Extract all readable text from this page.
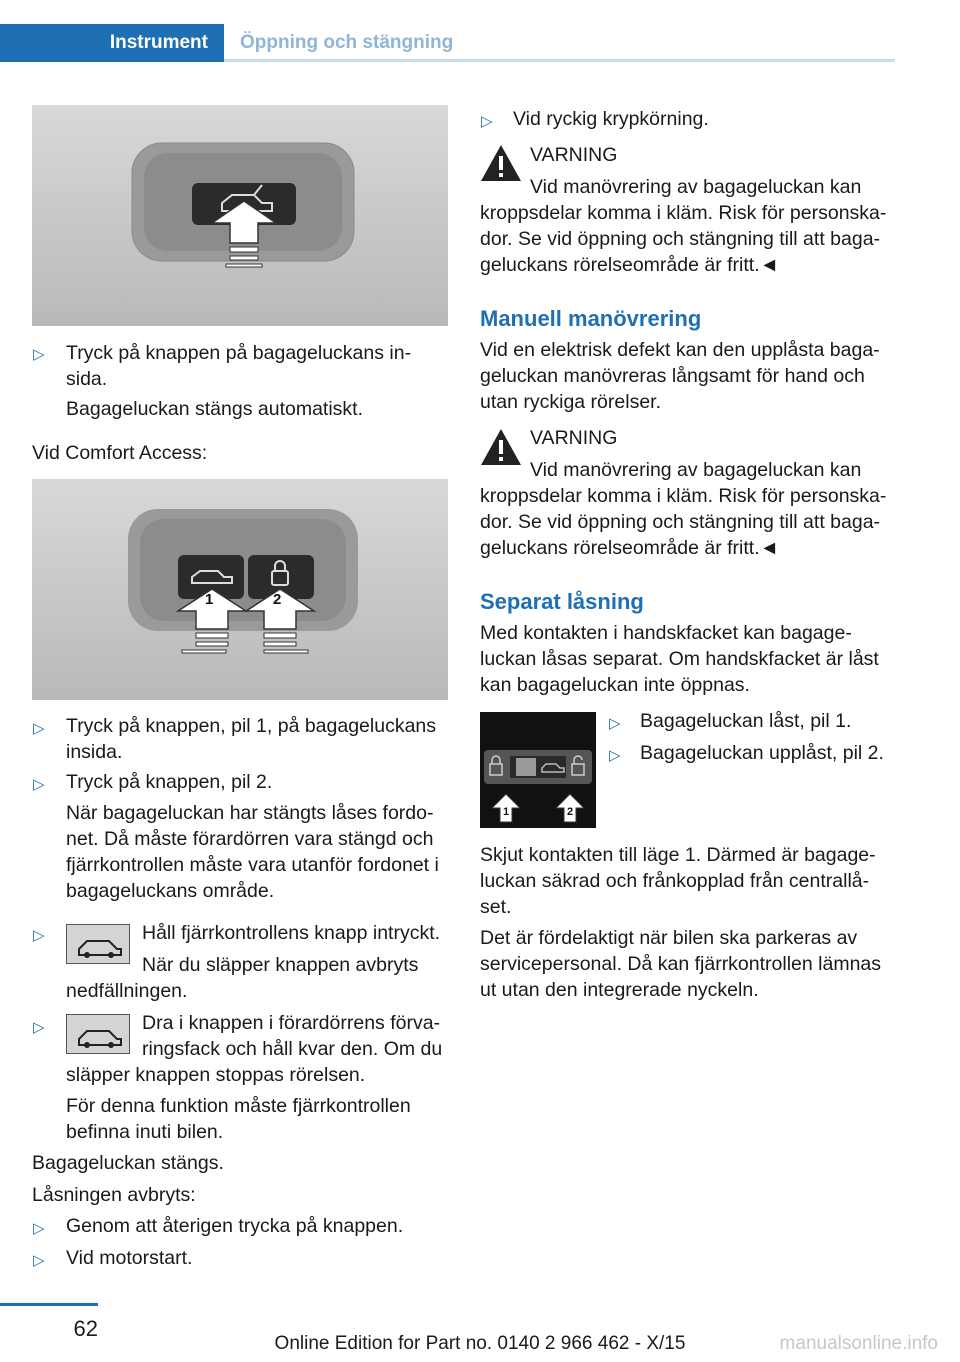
Instrument	Öppning och stängning
▷ Tryck på knappen på bagageluckans in-

sida.

Bagageluckan stängs automatiskt.

Vid Comfort Access:

1	2
▷ Tryck på knappen, pil 1, på bagageluckans

insida.

▷ Tryck på knappen, pil 2.

När bagageluckan har stängts låses fordo-

net. Då måste förardörren vara stängd och

fjärrkontrollen måste vara utanför fordonet i

bagageluckans område.

▷	Håll fjärrkontrollens knapp intryckt.

När du släpper knappen avbryts

nedfällningen.

▷	Dra i knappen i förardörrens förva-

ringsfack och håll kvar den. Om du

släpper knappen stoppas rörelsen.

För denna funktion måste fjärrkontrollen

befinna inuti bilen.

Bagageluckan stängs.

Låsningen avbryts:

▷ Genom att återigen trycka på knappen.

▷ Vid motorstart.

▷ Vid ryckig krypkörning.

VARNING

Vid manövrering av bagageluckan kan

kroppsdelar komma i kläm. Risk för personska-

dor. Se vid öppning och stängning till att baga-

geluckans rörelseområde är fritt.◄

Manuell manövrering

Vid en elektrisk defekt kan den upplåsta baga-

geluckan manövreras långsamt för hand och

utan ryckiga rörelser.

VARNING

Vid manövrering av bagageluckan kan

kroppsdelar komma i kläm. Risk för personska-

dor. Se vid öppning och stängning till att baga-

geluckans rörelseområde är fritt.◄

Separat låsning

Med kontakten i handskfacket kan bagage-

luckan låsas separat. Om handskfacket är låst

kan bagageluckan inte öppnas.

1	2
▷ Bagageluckan låst, pil 1.

▷ Bagageluckan upplåst, pil 2.

Skjut kontakten till läge 1. Därmed är bagage-

luckan säkrad och frånkopplad från centrallå-

set.

Det är fördelaktigt när bilen ska parkeras av

servicepersonal. Då kan fjärrkontrollen lämnas

ut utan den integrerade nyckeln.

62
Online Edition for Part no. 0140 2 966 462 - X/15	manualsonline.info
